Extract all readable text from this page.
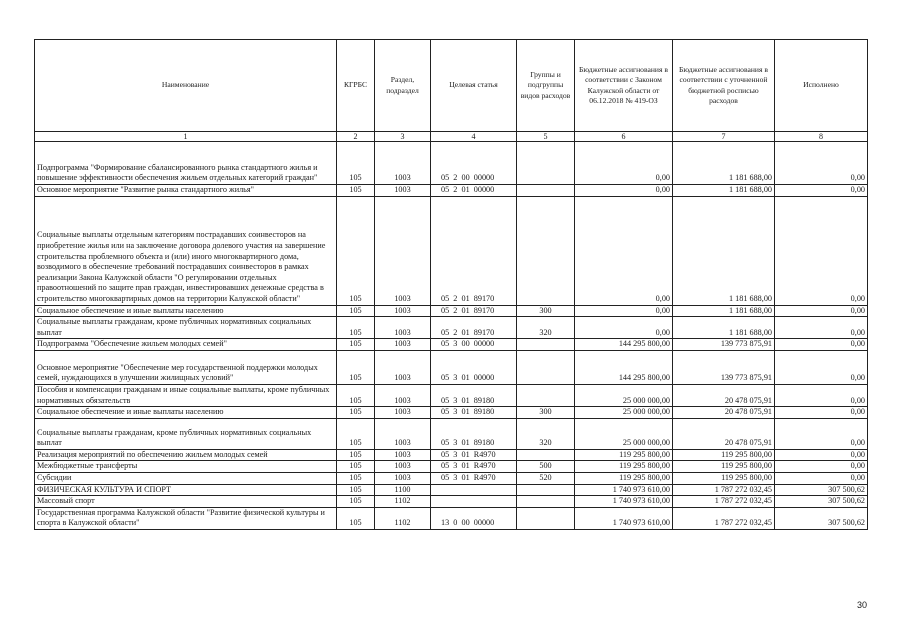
Наименование	КГРБС	Раздел, подраздел	Целевая статья	Группы и подгруппы видов расходов	Бюджетные ассигнования в соответствии с Законом Калужской области от 06.12.2018 № 419-ОЗ	Бюджетные ассигнования в соответствии с уточненной бюджетной росписью расходов	Исполнено
1	2	3	4	5	6	7	8
Подпрограмма "Формирование сбалансированного рынка стандартного жилья и повышение эффективности обеспечения жильем отдельных категорий граждан"	105	1003	05  2  00  00000		0,00	1 181 688,00	0,00
Основное мероприятие "Развитие рынка стандартного жилья"	105	1003	05  2  01  00000		0,00	1 181 688,00	0,00
Социальные выплаты отдельным категориям пострадавших соинвесторов на приобретение жилья или на заключение договора долевого участия на завершение строительства проблемного объекта и (или) иного многоквартирного дома, возводимого в обеспечение требований пострадавших соинвесторов в рамках реализации Закона Калужской области "О регулировании отдельных правоотношений по защите прав граждан, инвестировавших денежные средства в строительство многоквартирных домов на территории Калужской области"	105	1003	05  2  01  89170		0,00	1 181 688,00	0,00
Социальное обеспечение и иные выплаты населению	105	1003	05  2  01  89170	300	0,00	1 181 688,00	0,00
Социальные выплаты гражданам, кроме публичных нормативных социальных выплат	105	1003	05  2  01  89170	320	0,00	1 181 688,00	0,00
Подпрограмма "Обеспечение жильем молодых семей"	105	1003	05  3  00  00000		144 295 800,00	139 773 875,91	0,00
Основное мероприятие "Обеспечение мер государственной поддержки молодых семей, нуждающихся в улучшении жилищных условий"	105	1003	05  3  01  00000		144 295 800,00	139 773 875,91	0,00
Пособия и компенсации гражданам и иные социальные выплаты, кроме публичных нормативных обязательств	105	1003	05  3  01  89180		25 000 000,00	20 478 075,91	0,00
Социальное обеспечение и иные выплаты населению	105	1003	05  3  01  89180	300	25 000 000,00	20 478 075,91	0,00
Социальные выплаты гражданам, кроме публичных нормативных социальных выплат	105	1003	05  3  01  89180	320	25 000 000,00	20 478 075,91	0,00
Реализация мероприятий по обеспечению жильем молодых семей	105	1003	05  3  01  R4970		119 295 800,00	119 295 800,00	0,00
Межбюджетные трансферты	105	1003	05  3  01  R4970	500	119 295 800,00	119 295 800,00	0,00
Субсидии	105	1003	05  3  01  R4970	520	119 295 800,00	119 295 800,00	0,00
ФИЗИЧЕСКАЯ КУЛЬТУРА И СПОРТ	105	1100			1 740 973 610,00	1 787 272 032,45	307 500,62
Массовый спорт	105	1102			1 740 973 610,00	1 787 272 032,45	307 500,62
Государственная программа Калужской области "Развитие физической культуры и спорта в Калужской области"	105	1102	13  0  00  00000		1 740 973 610,00	1 787 272 032,45	307 500,62
30
